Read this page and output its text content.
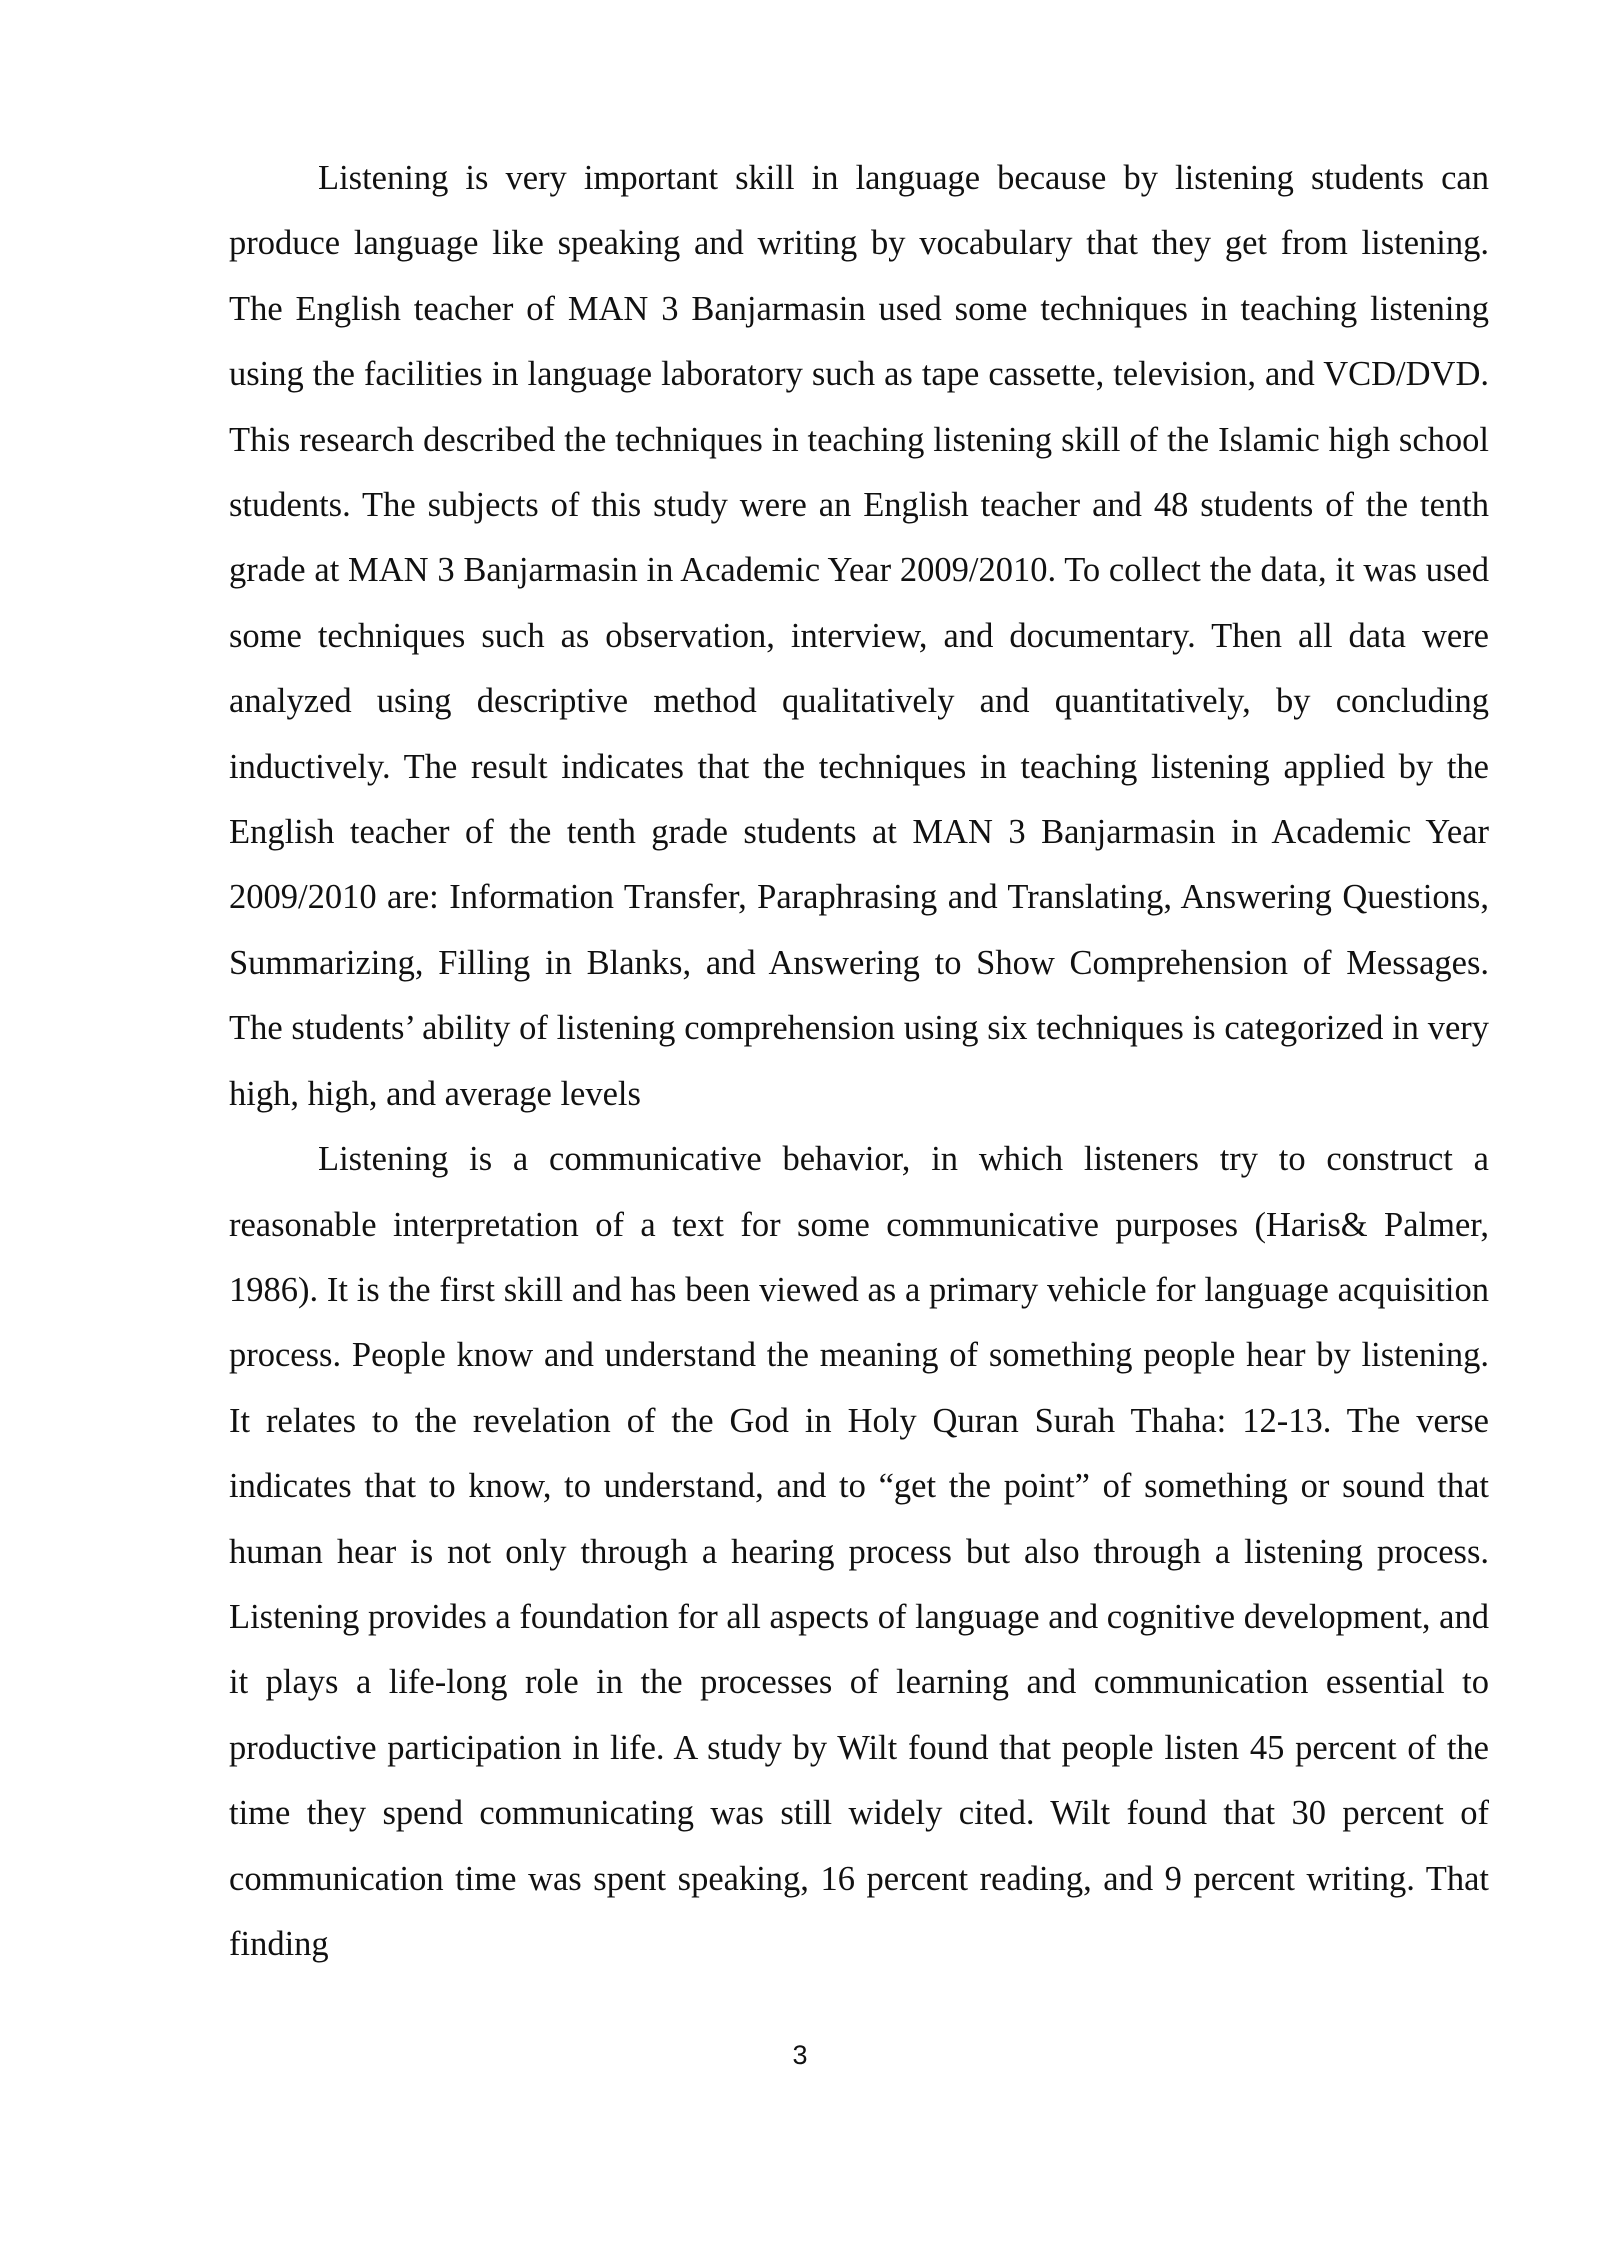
Listening is very important skill in language because by listening students can produce language like speaking and writing by vocabulary that they get from listening. The English teacher of MAN 3 Banjarmasin used some techniques in teaching listening using the facilities in language laboratory such as tape cassette, television, and VCD/DVD. This research described the techniques in teaching listening skill of the Islamic high school students. The subjects of this study were an English teacher and 48 students of the tenth grade at MAN 3 Banjarmasin in Academic Year 2009/2010. To collect the data, it was used some techniques such as observation, interview, and documentary. Then all data were analyzed using descriptive method qualitatively and quantitatively, by concluding inductively. The result indicates that the techniques in teaching listening applied by the English teacher of the tenth grade students at MAN 3 Banjarmasin in Academic Year 2009/2010 are: Information Transfer, Paraphrasing and Translating, Answering Questions, Summarizing, Filling in Blanks, and Answering to Show Comprehension of Messages. The students’ ability of listening comprehension using six techniques is categorized in very high, high, and average levels

Listening is a communicative behavior, in which listeners try to construct a reasonable interpretation of a text for some communicative purposes (Haris& Palmer, 1986). It is the first skill and has been viewed as a primary vehicle for language acquisition process. People know and understand the meaning of something people hear by listening. It relates to the revelation of the God in Holy Quran Surah Thaha: 12-13. The verse indicates that to know, to understand, and to “get the point” of something or sound that human hear is not only through a hearing process but also through a listening process. Listening provides a foundation for all aspects of language and cognitive development, and it plays a life-long role in the processes of learning and communication essential to productive participation in life. A study by Wilt found that people listen 45 percent of the time they spend communicating was still widely cited. Wilt found that 30 percent of communication time was spent speaking, 16 percent reading, and 9 percent writing. That finding

3
